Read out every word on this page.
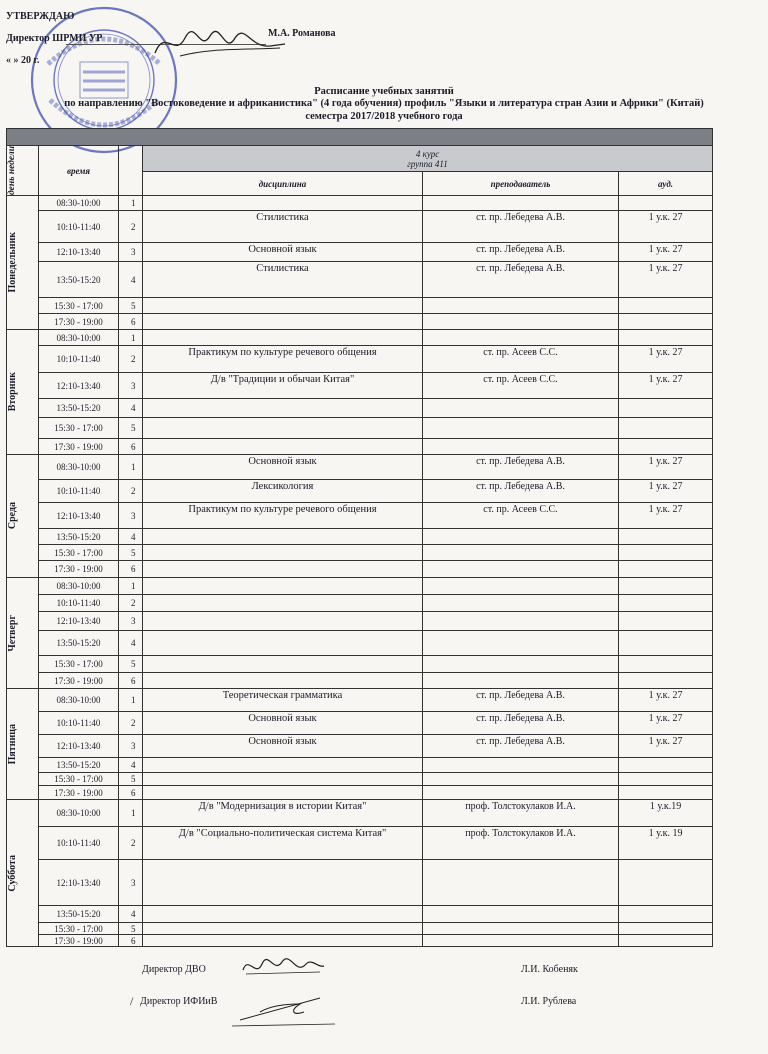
УТВЕРЖДАЮ
Директор ШРМИ УР	М.А. Романова
« » 20 г.
Расписание учебных занятий
по направлению "Востоковедение и африканистика" (4 года обучения) профиль "Языки и литература стран Азии и Африки" (Китай)
семестра 2017/2018 учебного года

день недели	время		4 курс
группа 411		

			дисциплина	преподаватель	ауд.

Понедельник	08:30-10:00	1			
	10:10-11:40	2	Стилистика	ст. пр. Лебедева А.В.	1 у.к. 27
	12:10-13:40	3	Основной язык	ст. пр. Лебедева А.В.	1 у.к. 27
	13:50-15:20	4	Стилистика	ст. пр. Лебедева А.В.	1 у.к. 27
	15:30 - 17:00	5			
	17:30 - 19:00	6			

Вторник	08:30-10:00	1			
	10:10-11:40	2	Практикум по культуре речевого общения	ст. пр. Асеев С.С.	1 у.к. 27
	12:10-13:40	3	Д/в "Традиции и обычаи Китая"	ст. пр. Асеев С.С.	1 у.к. 27
	13:50-15:20	4			
	15:30 - 17:00	5			
	17:30 - 19:00	6			

Среда	08:30-10:00	1	Основной язык	ст. пр. Лебедева А.В.	1 у.к. 27
	10:10-11:40	2	Лексикология	ст. пр. Лебедева А.В.	1 у.к. 27
	12:10-13:40	3	Практикум по культуре речевого общения	ст. пр. Асеев С.С.	1 у.к. 27
	13:50-15:20	4			
	15:30 - 17:00	5			
	17:30 - 19:00	6			

Четверг	08:30-10:00	1			
	10:10-11:40	2			
	12:10-13:40	3			
	13:50-15:20	4			
	15:30 - 17:00	5			
	17:30 - 19:00	6			

Пятница	08:30-10:00	1	Теоретическая грамматика	ст. пр. Лебедева А.В.	1 у.к. 27
	10:10-11:40	2	Основной язык	ст. пр. Лебедева А.В.	1 у.к. 27
	12:10-13:40	3	Основной язык	ст. пр. Лебедева А.В.	1 у.к. 27
	13:50-15:20	4			
	15:30 - 17:00	5			
	17:30 - 19:00	6			

Суббота	08:30-10:00	1	Д/в "Модернизация в истории Китая"	проф. Толстокулаков И.А.	1 у.к.19
	10:10-11:40	2	Д/в "Социально-политическая система Китая"	проф. Толстокулаков И.А.	1 у.к. 19
	12:10-13:40	3			
	13:50-15:20	4			
	15:30 - 17:00	5			
	17:30 - 19:00	6			
Директор ДВО	Л.И. Кобеняк
Директор ИФИиВ	Л.И. Рублева
/
